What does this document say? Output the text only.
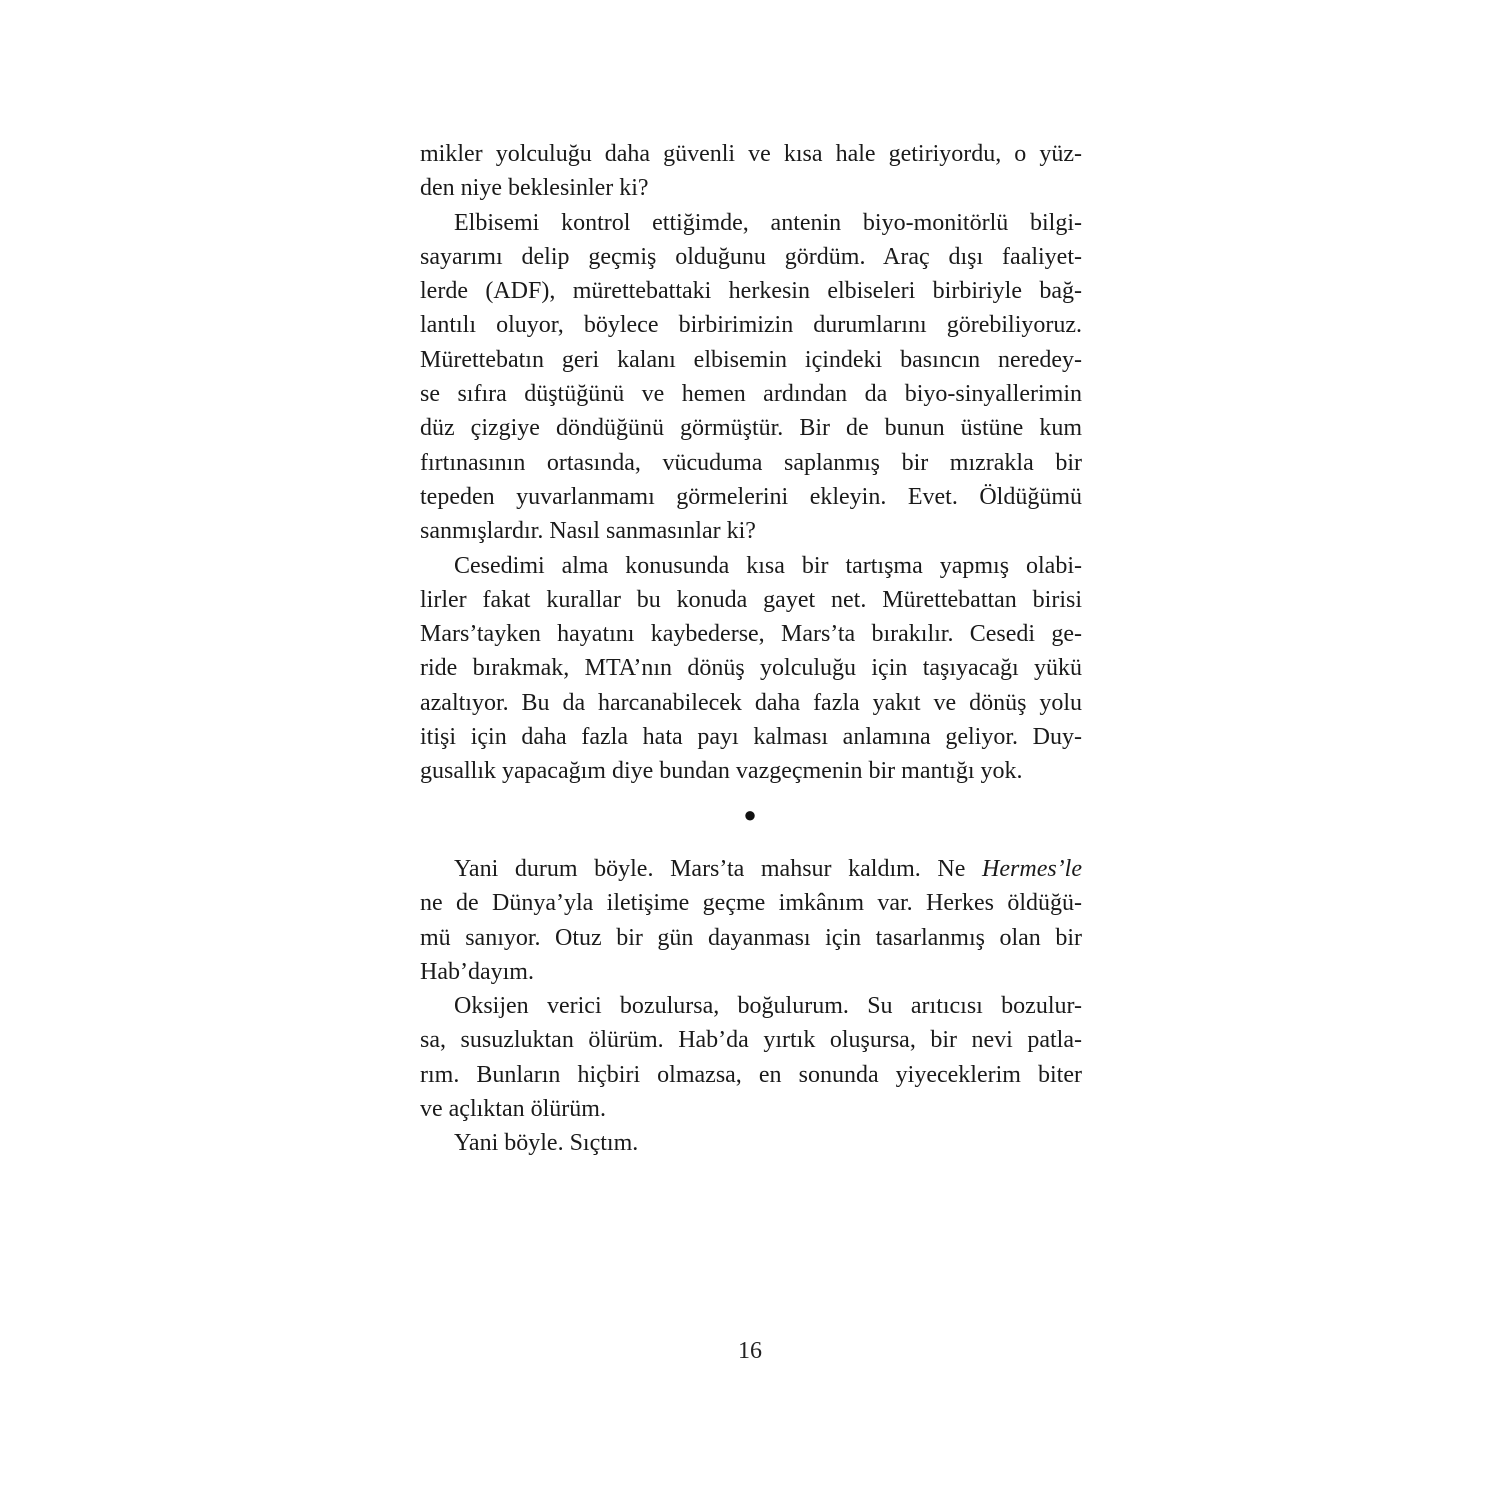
mikler yolculuğu daha güvenli ve kısa hale getiriyordu, o yüz-
den niye beklesinler ki?
Elbisemi kontrol ettiğimde, antenin biyo-monitörlü bilgi-
sayarımı delip geçmiş olduğunu gördüm. Araç dışı faaliyet-
lerde (ADF), mürettebattaki herkesin elbiseleri birbiriyle bağ-
lantılı oluyor, böylece birbirimizin durumlarını görebiliyoruz.
Mürettebatın geri kalanı elbisemin içindeki basıncın neredey-
se sıfıra düştüğünü ve hemen ardından da biyo-sinyallerimin
düz çizgiye döndüğünü görmüştür. Bir de bunun üstüne kum
fırtınasının ortasında, vücuduma saplanmış bir mızrakla bir
tepeden yuvarlanmamı görmelerini ekleyin. Evet. Öldüğümü
sanmışlardır. Nasıl sanmasınlar ki?
Cesedimi alma konusunda kısa bir tartışma yapmış olabi-
lirler fakat kurallar bu konuda gayet net. Mürettebattan birisi
Mars’tayken hayatını kaybederse, Mars’ta bırakılır. Cesedi ge-
ride bırakmak, MTA’nın dönüş yolculuğu için taşıyacağı yükü
azaltıyor. Bu da harcanabilecek daha fazla yakıt ve dönüş yolu
itişi için daha fazla hata payı kalması anlamına geliyor. Duy-
gusallık yapacağım diye bundan vazgeçmenin bir mantığı yok.
●
Yani durum böyle. Mars’ta mahsur kaldım. Ne Hermes’le
ne de Dünya’yla iletişime geçme imkânım var. Herkes öldüğü-
mü sanıyor. Otuz bir gün dayanması için tasarlanmış olan bir
Hab’dayım.
Oksijen verici bozulursa, boğulurum. Su arıtıcısı bozulur-
sa, susuzluktan ölürüm. Hab’da yırtık oluşursa, bir nevi patla-
rım. Bunların hiçbiri olmazsa, en sonunda yiyeceklerim biter
ve açlıktan ölürüm.
Yani böyle. Sıçtım.
16
